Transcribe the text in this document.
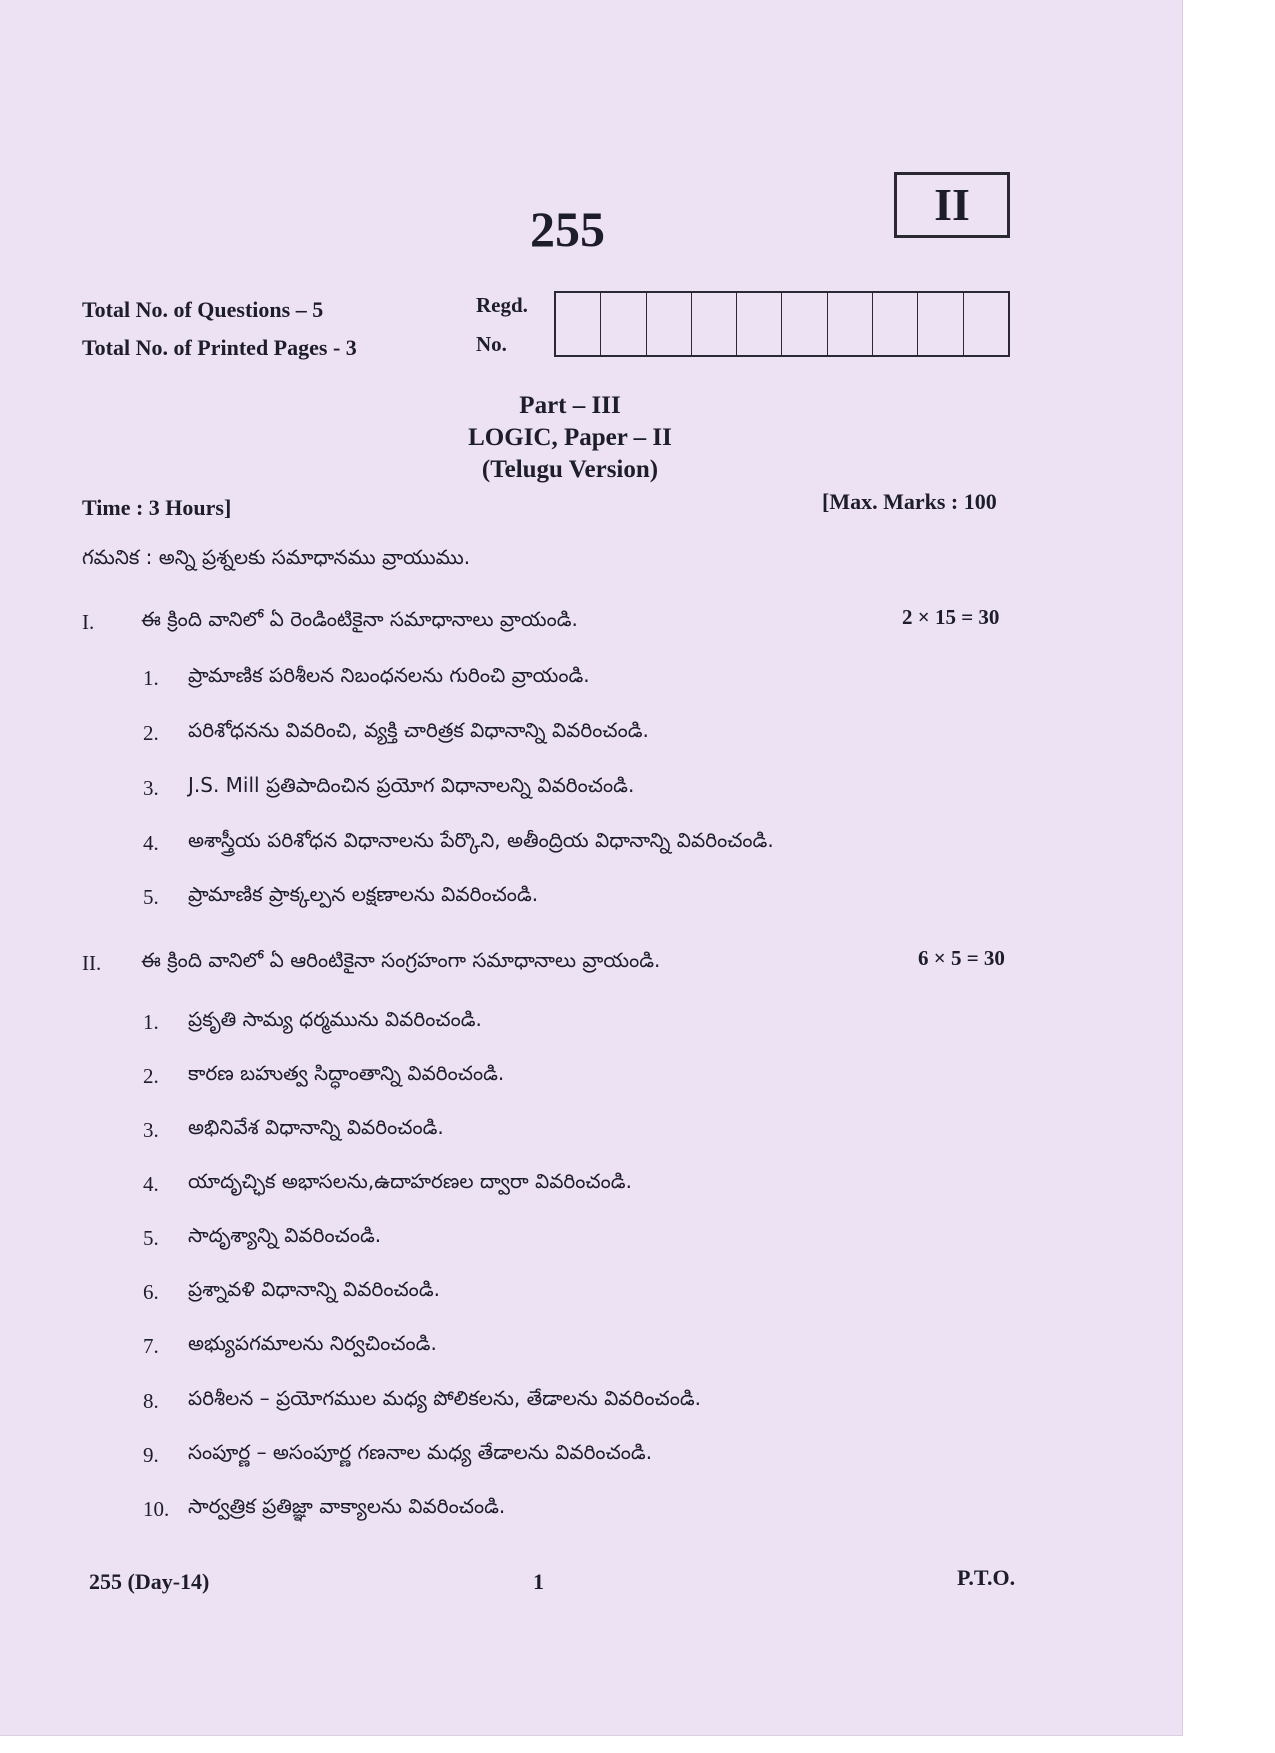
255	II
Total No. of Questions – 5
Total No. of Printed Pages - 3
Regd.
No.
Part – III
LOGIC, Paper – II
(Telugu Version)
Time : 3 Hours]	[Max. Marks : 100
గమనిక : అన్ని ప్రశ్నలకు సమాధానము వ్రాయుము.
I. ఈ క్రింది వానిలో ఏ రెండింటికైనా సమాధానాలు వ్రాయండి.	2 × 15 = 30
1. ప్రామాణిక పరిశీలన నిబంధనలను గురించి వ్రాయండి.
2. పరిశోధనను వివరించి, వ్యక్తి చారిత్రక విధానాన్ని వివరించండి.
3. J.S. Mill ప్రతిపాదించిన ప్రయోగ విధానాలన్ని వివరించండి.
4. అశాస్త్రీయ పరిశోధన విధానాలను పేర్కొని, అతీంద్రియ విధానాన్ని వివరించండి.
5. ప్రామాణిక ప్రాక్కల్పన లక్షణాలను వివరించండి.
II. ఈ క్రింది వానిలో ఏ ఆరింటికైనా సంగ్రహంగా సమాధానాలు వ్రాయండి.	6 × 5 = 30
1. ప్రకృతి సామ్య ధర్మమును వివరించండి.
2. కారణ బహుత్వ సిద్ధాంతాన్ని వివరించండి.
3. అభినివేశ విధానాన్ని వివరించండి.
4. యాదృచ్ఛిక అభాసలను,ఉదాహరణల ద్వారా వివరించండి.
5. సాదృశ్యాన్ని వివరించండి.
6. ప్రశ్నావళి విధానాన్ని వివరించండి.
7. అభ్యుపగమాలను నిర్వచించండి.
8. పరిశీలన – ప్రయోగముల మధ్య పోలికలను, తేడాలను వివరించండి.
9. సంపూర్ణ – అసంపూర్ణ గణనాల మధ్య తేడాలను వివరించండి.
10. సార్వత్రిక ప్రతిజ్ఞా వాక్యాలను వివరించండి.
255 (Day-14)	1	P.T.O.
